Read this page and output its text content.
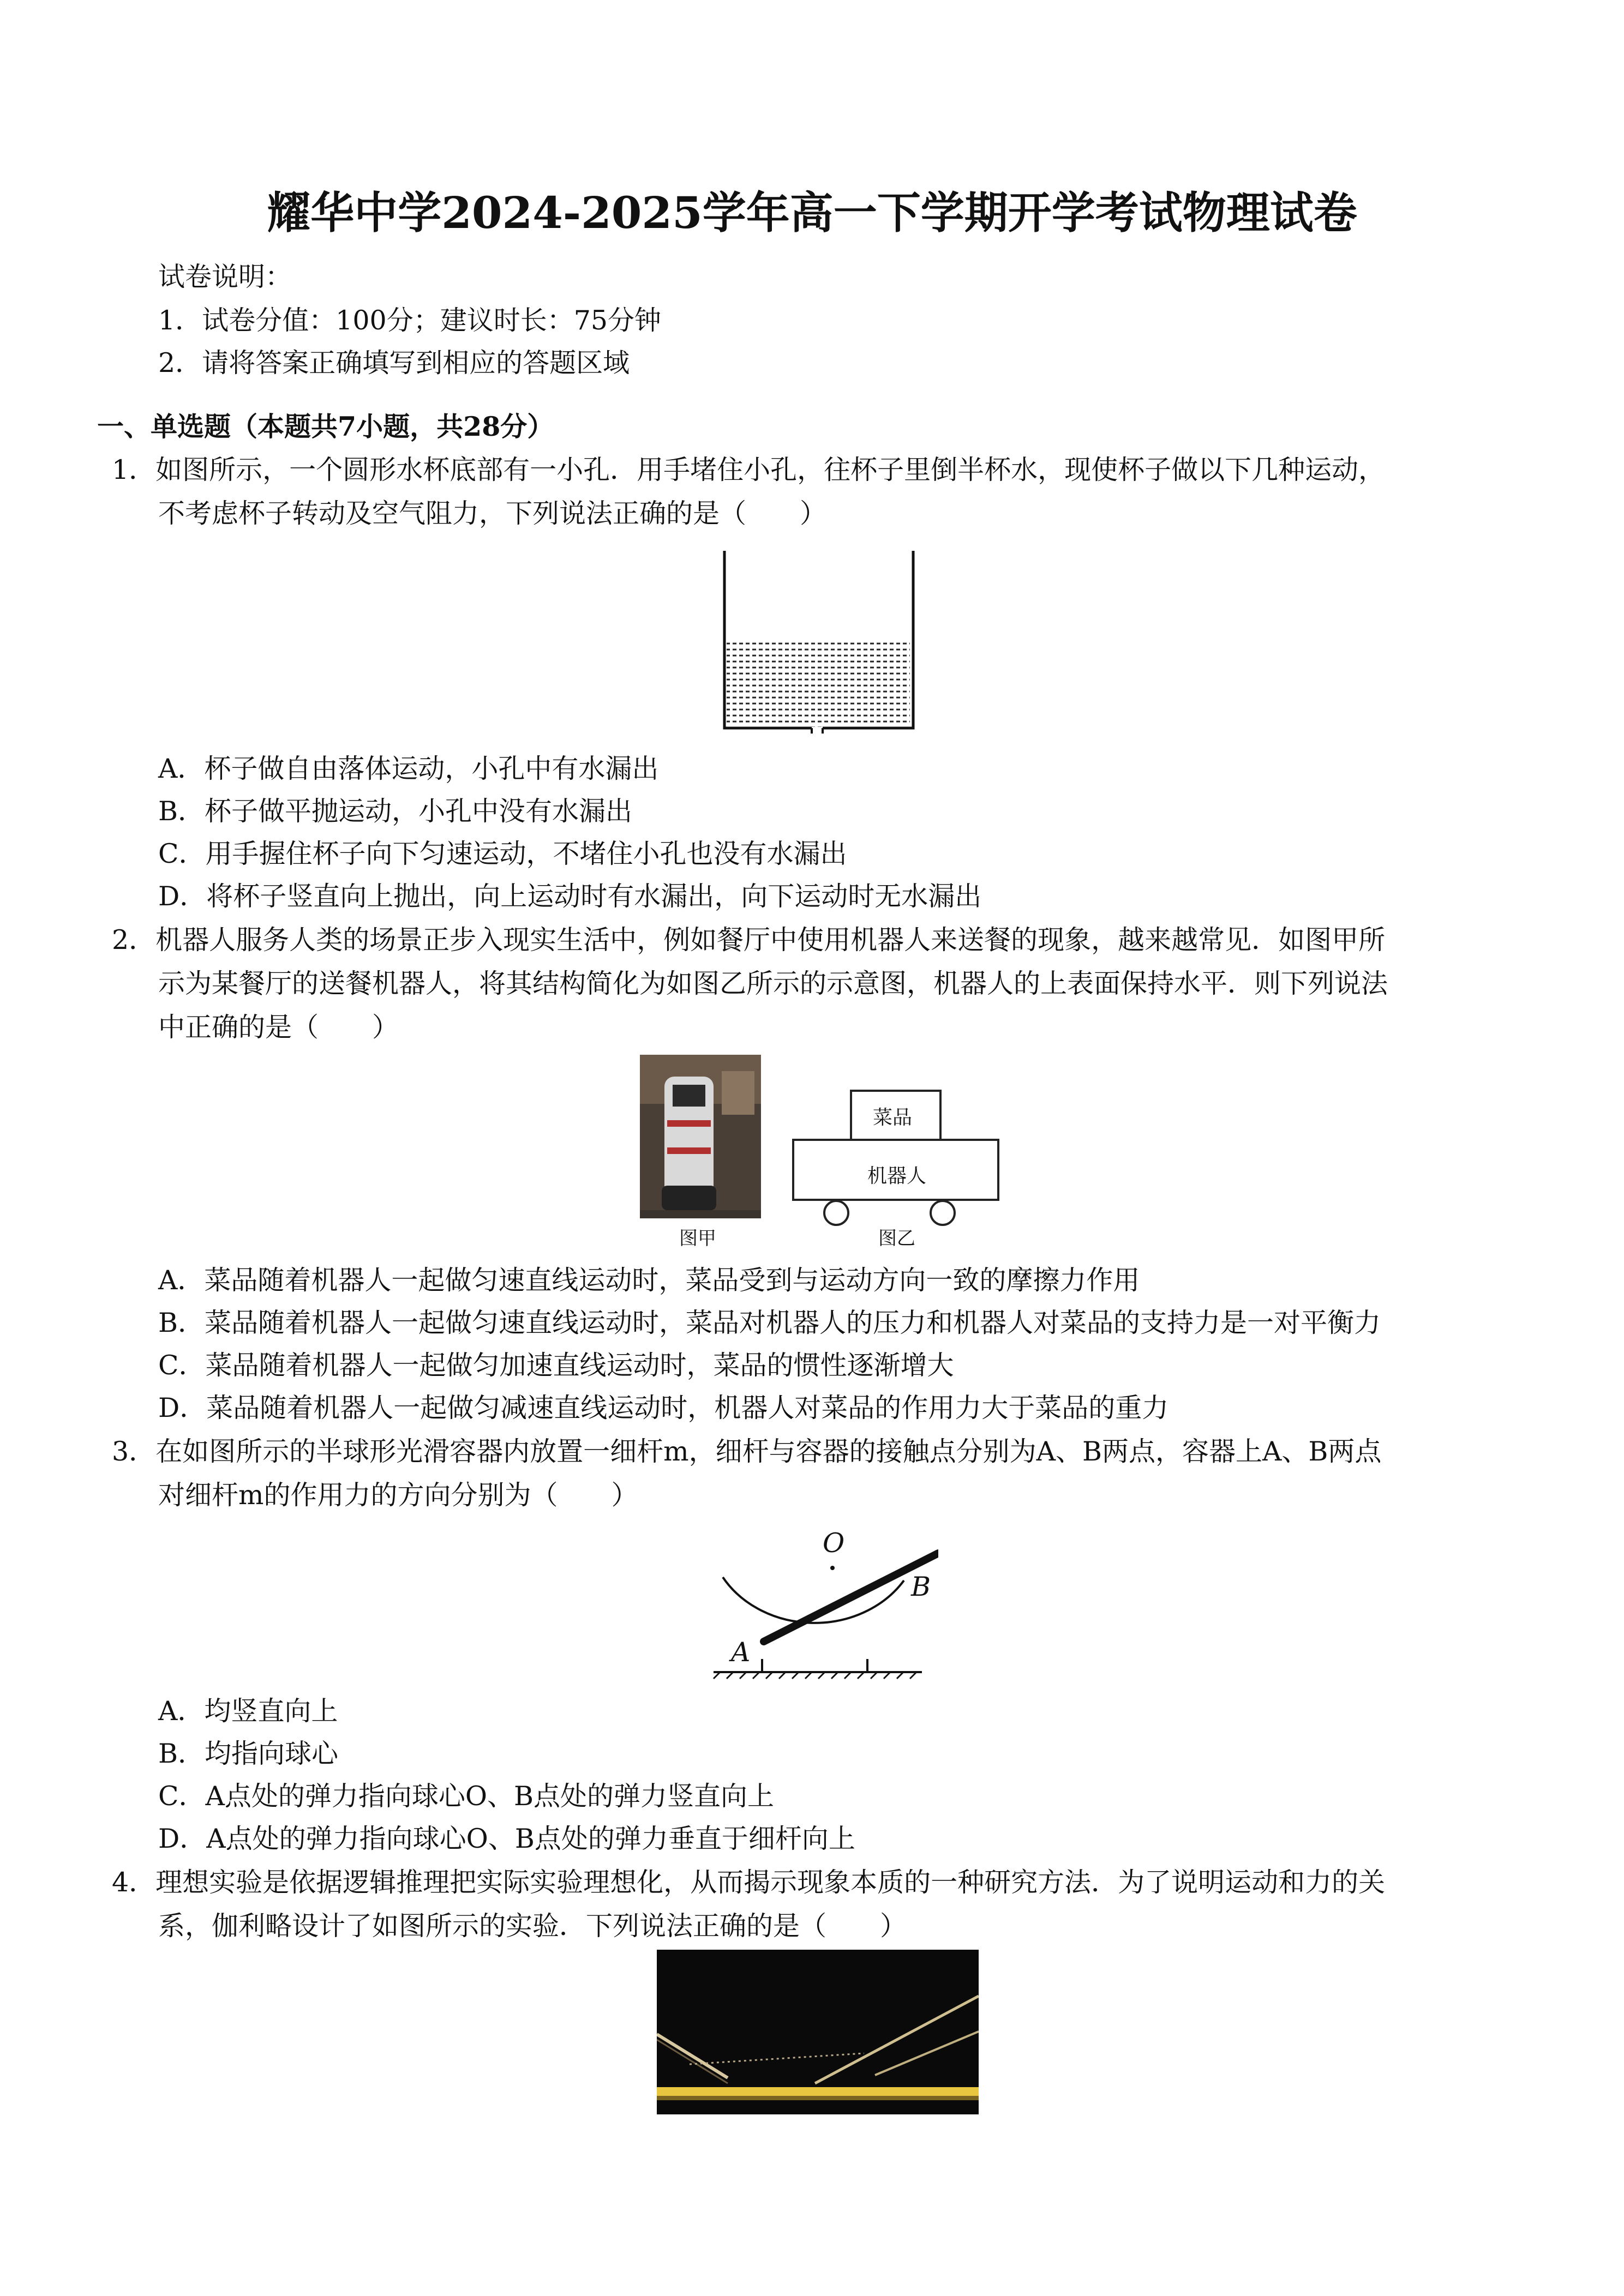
耀华中学2024-2025学年高一下学期开学考试物理试卷
试卷说明：
1．试卷分值：100分；建议时长：75分钟
2．请将答案正确填写到相应的答题区域
一、单选题（本题共7小题，共28分）
1．如图所示，一个圆形水杯底部有一小孔．用手堵住小孔，往杯子里倒半杯水，现使杯子做以下几种运动，
不考虑杯子转动及空气阻力，下列说法正确的是（　　）
A．杯子做自由落体运动，小孔中有水漏出
B．杯子做平抛运动，小孔中没有水漏出
C．用手握住杯子向下匀速运动，不堵住小孔也没有水漏出
D．将杯子竖直向上抛出，向上运动时有水漏出，向下运动时无水漏出
2．机器人服务人类的场景正步入现实生活中，例如餐厅中使用机器人来送餐的现象，越来越常见．如图甲所
示为某餐厅的送餐机器人，将其结构简化为如图乙所示的示意图，机器人的上表面保持水平．则下列说法
中正确的是（　　）
图甲
菜品
机器人
图乙
A．菜品随着机器人一起做匀速直线运动时，菜品受到与运动方向一致的摩擦力作用
B．菜品随着机器人一起做匀速直线运动时，菜品对机器人的压力和机器人对菜品的支持力是一对平衡力
C．菜品随着机器人一起做匀加速直线运动时，菜品的惯性逐渐增大
D．菜品随着机器人一起做匀减速直线运动时，机器人对菜品的作用力大于菜品的重力
3．在如图所示的半球形光滑容器内放置一细杆m，细杆与容器的接触点分别为A、B两点，容器上A、B两点
对细杆m的作用力的方向分别为（　　）
O
B
A
A．均竖直向上
B．均指向球心
C．A点处的弹力指向球心O、B点处的弹力竖直向上
D．A点处的弹力指向球心O、B点处的弹力垂直于细杆向上
4．理想实验是依据逻辑推理把实际实验理想化，从而揭示现象本质的一种研究方法．为了说明运动和力的关
系，伽利略设计了如图所示的实验．下列说法正确的是（　　）
